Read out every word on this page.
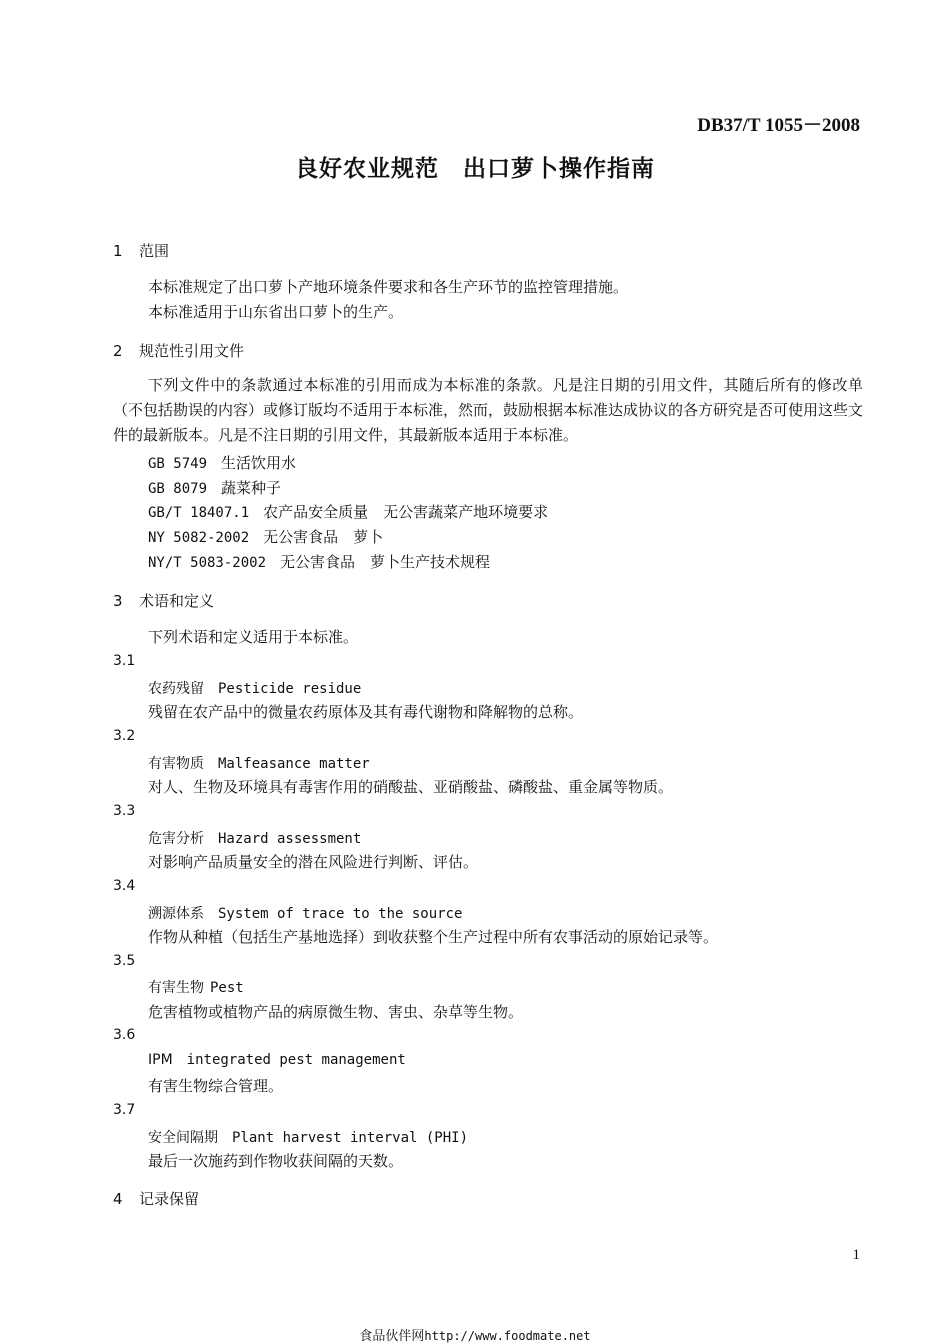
DB37/T 1055－2008
良好农业规范　出口萝卜操作指南
1 范围
本标准规定了出口萝卜产地环境条件要求和各生产环节的监控管理措施。
本标准适用于山东省出口萝卜的生产。
2 规范性引用文件
下列文件中的条款通过本标准的引用而成为本标准的条款。凡是注日期的引用文件，其随后所有的修改单（不包括勘误的内容）或修订版均不适用于本标准，然而，鼓励根据本标准达成协议的各方研究是否可使用这些文件的最新版本。凡是不注日期的引用文件，其最新版本适用于本标准。
GB 5749 生活饮用水
GB 8079 蔬菜种子
GB/T 18407.1 农产品安全质量　无公害蔬菜产地环境要求
NY 5082-2002 无公害食品　萝卜
NY/T 5083-2002 无公害食品　萝卜生产技术规程
3 术语和定义
下列术语和定义适用于本标准。
3.1
农药残留 Pesticide residue
残留在农产品中的微量农药原体及其有毒代谢物和降解物的总称。
3.2
有害物质 Malfeasance matter
对人、生物及环境具有毒害作用的硝酸盐、亚硝酸盐、磷酸盐、重金属等物质。
3.3
危害分析 Hazard assessment
对影响产品质量安全的潜在风险进行判断、评估。
3.4
溯源体系 System of trace to the source
作物从种植（包括生产基地选择）到收获整个生产过程中所有农事活动的原始记录等。
3.5
有害生物 Pest
危害植物或植物产品的病原微生物、害虫、杂草等生物。
3.6
IPM integrated pest management
有害生物综合管理。
3.7
安全间隔期 Plant harvest interval (PHI)
最后一次施药到作物收获间隔的天数。
4 记录保留
1
食品伙伴网http://www.foodmate.net
